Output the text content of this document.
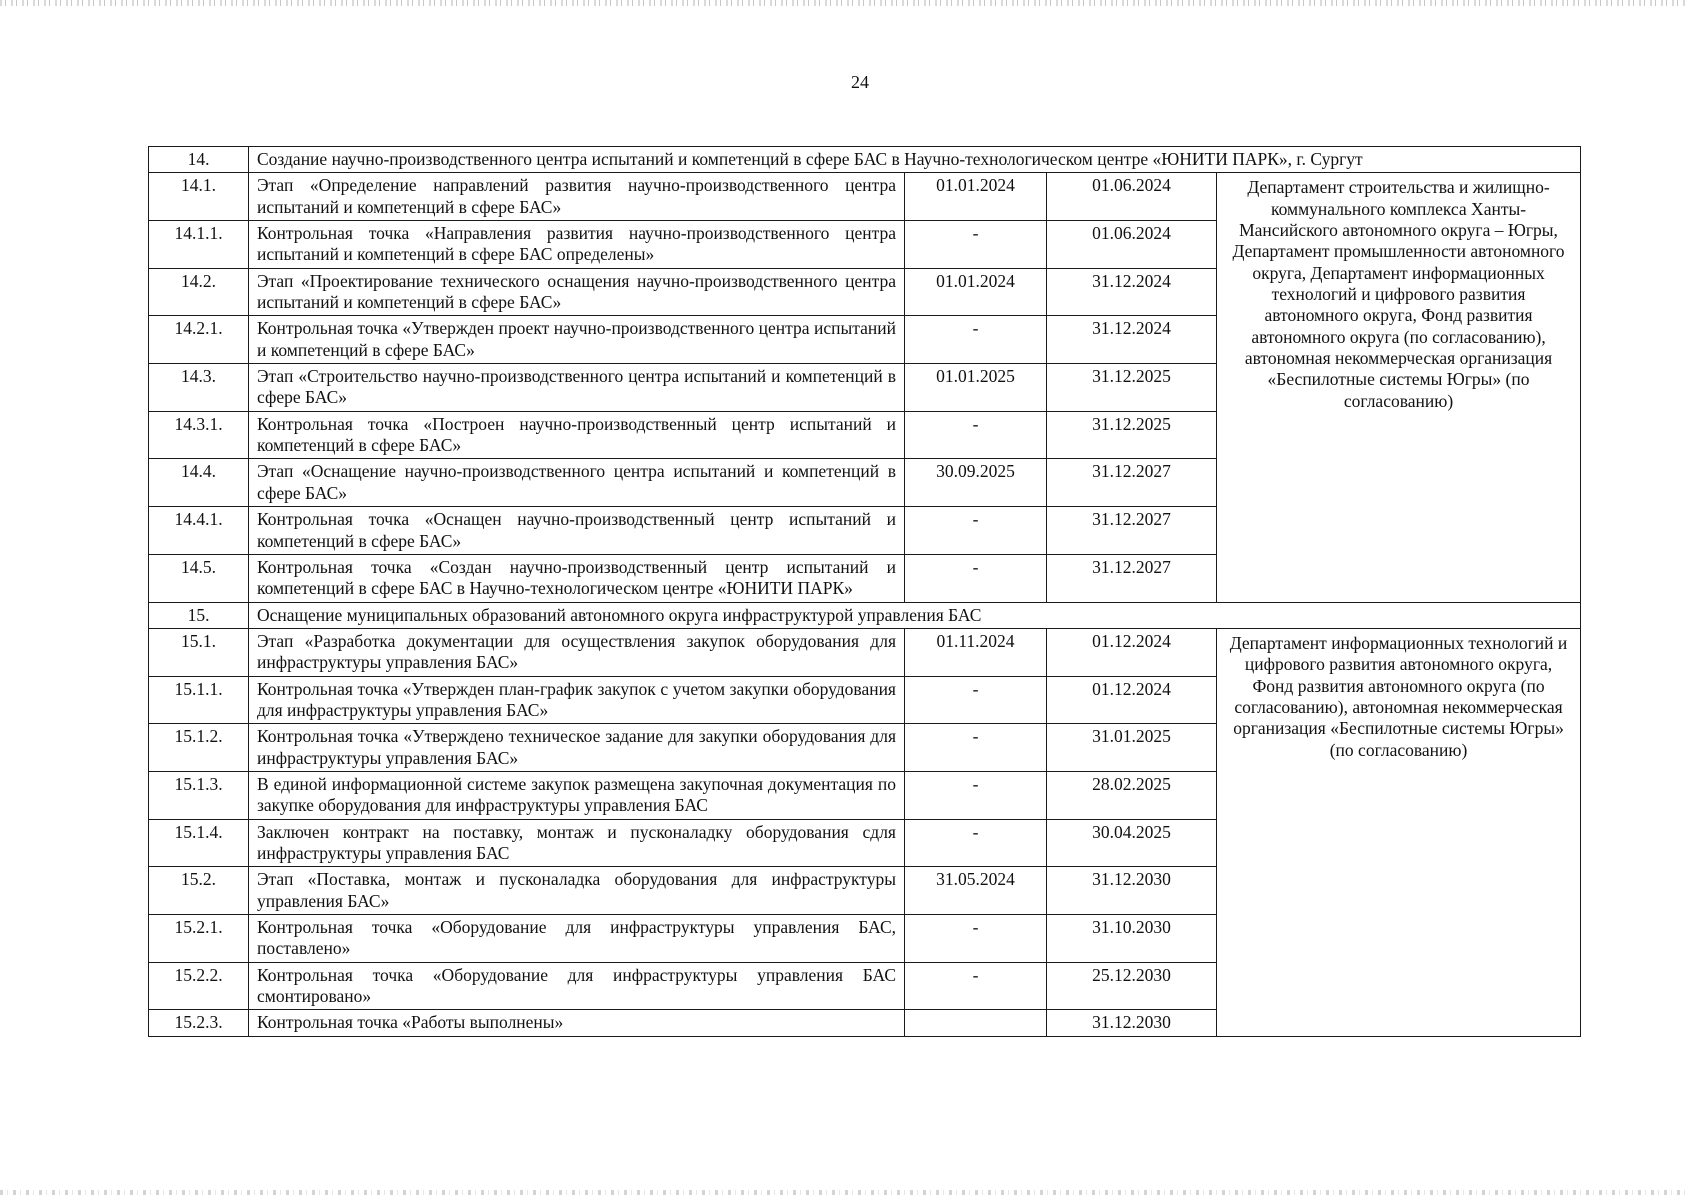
24
14.	Создание научно-производственного центра испытаний и компетенций в сфере БАС в Научно-технологическом центре «ЮНИТИ ПАРК», г. Сургут			
14.1.	Этап «Определение направлений развития научно-производственного центра испытаний и компетенций в сфере БАС»	01.01.2024	01.06.2024	Департамент строительства и жилищно-коммунального комплекса Ханты-Мансийского автономного округа – Югры, Департамент промышленности автономного округа, Департамент информационных технологий и цифрового развития автономного округа, Фонд развития автономного округа (по согласованию), автономная некоммерческая организация «Беспилотные системы Югры» (по согласованию)
14.1.1.	Контрольная точка «Направления развития научно-производственного центра испытаний и компетенций в сфере БАС определены»	-	01.06.2024	
14.2.	Этап «Проектирование технического оснащения научно-производственного центра испытаний и компетенций в сфере БАС»	01.01.2024	31.12.2024	
14.2.1.	Контрольная точка «Утвержден проект научно-производственного центра испытаний и компетенций в сфере БАС»	-	31.12.2024	
14.3.	Этап «Строительство научно-производственного центра испытаний и компетенций в сфере БАС»	01.01.2025	31.12.2025	
14.3.1.	Контрольная точка «Построен научно-производственный центр испытаний и компетенций в сфере БАС»	-	31.12.2025	
14.4.	Этап «Оснащение научно-производственного центра испытаний и компетенций в сфере БАС»	30.09.2025	31.12.2027	
14.4.1.	Контрольная точка «Оснащен научно-производственный центр испытаний и компетенций в сфере БАС»	-	31.12.2027	
14.5.	Контрольная точка «Создан научно-производственный центр испытаний и компетенций в сфере БАС в Научно-технологическом центре «ЮНИТИ ПАРК»	-	31.12.2027	
15.	Оснащение муниципальных образований автономного округа инфраструктурой управления БАС			
15.1.	Этап «Разработка документации для осуществления закупок оборудования для инфраструктуры управления БАС»	01.11.2024	01.12.2024	Департамент информационных технологий и цифрового развития автономного округа, Фонд развития автономного округа (по согласованию), автономная некоммерческая организация «Беспилотные системы Югры» (по согласованию)
15.1.1.	Контрольная точка «Утвержден план-график закупок с учетом закупки оборудования для инфраструктуры управления БАС»	-	01.12.2024	
15.1.2.	Контрольная точка «Утверждено техническое задание для закупки оборудования для инфраструктуры управления БАС»	-	31.01.2025	
15.1.3.	В единой информационной системе закупок размещена закупочная документация по закупке оборудования для инфраструктуры управления БАС	-	28.02.2025	
15.1.4.	Заключен контракт на поставку, монтаж и пусконаладку оборудования сдля инфраструктуры управления БАС	-	30.04.2025	
15.2.	Этап «Поставка, монтаж и пусконаладка оборудования для инфраструктуры управления БАС»	31.05.2024	31.12.2030	
15.2.1.	Контрольная точка «Оборудование для инфраструктуры управления БАС, поставлено»	-	31.10.2030	
15.2.2.	Контрольная точка «Оборудование для инфраструктуры управления БАС смонтировано»	-	25.12.2030	
15.2.3.	Контрольная точка «Работы выполнены»		31.12.2030	
